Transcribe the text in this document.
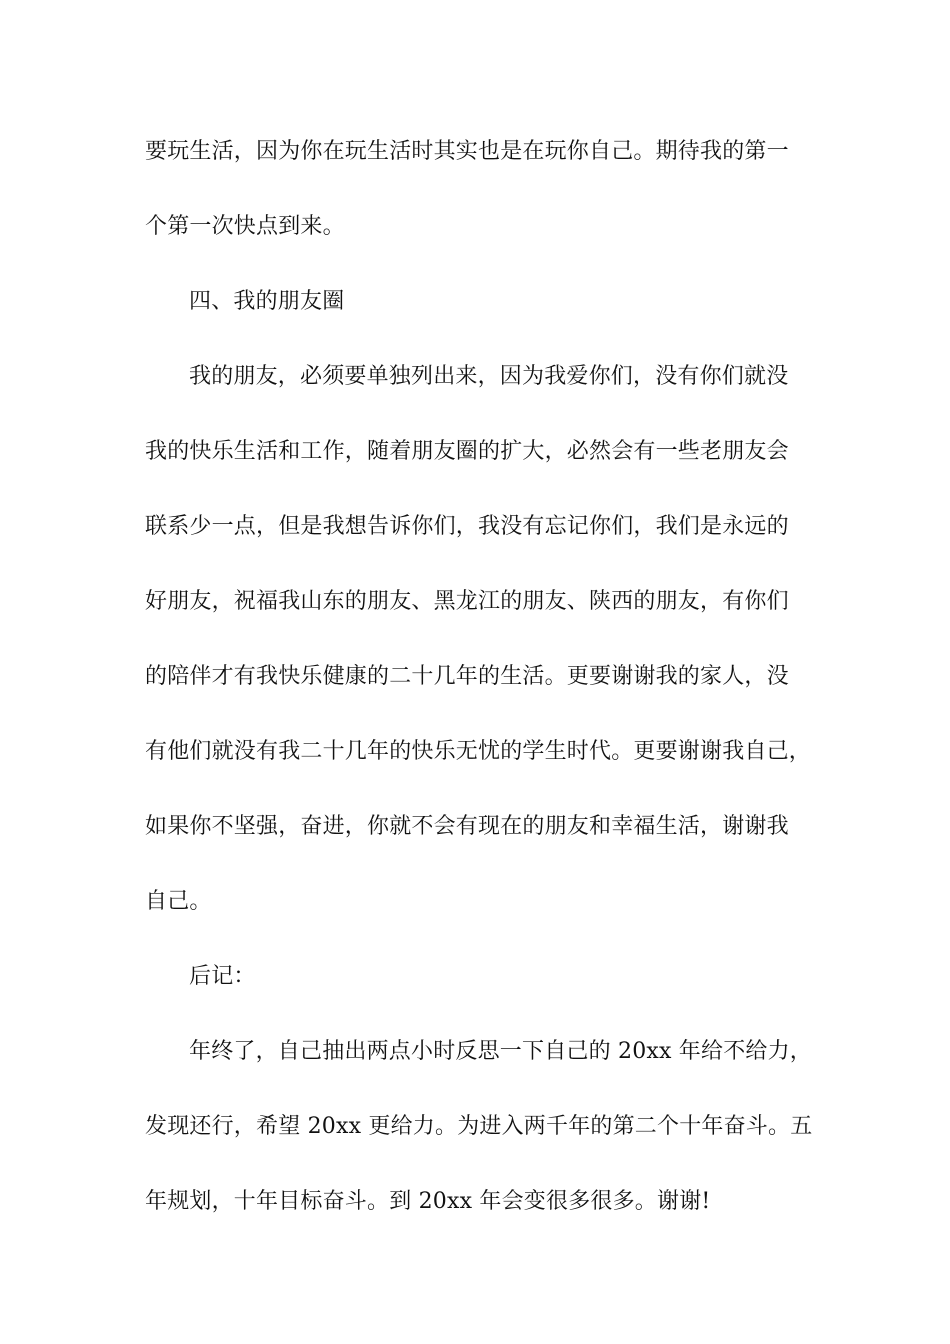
要玩生活，因为你在玩生活时其实也是在玩你自己。期待我的第一
个第一次快点到来。
四、我的朋友圈
我的朋友，必须要单独列出来，因为我爱你们，没有你们就没
我的快乐生活和工作，随着朋友圈的扩大，必然会有一些老朋友会
联系少一点，但是我想告诉你们，我没有忘记你们，我们是永远的
好朋友，祝福我山东的朋友、黑龙江的朋友、陕西的朋友，有你们
的陪伴才有我快乐健康的二十几年的生活。更要谢谢我的家人，没
有他们就没有我二十几年的快乐无忧的学生时代。更要谢谢我自己，
如果你不坚强，奋进，你就不会有现在的朋友和幸福生活，谢谢我
自己。
后记：
年终了，自己抽出两点小时反思一下自己的 20xx 年给不给力，
发现还行，希望 20xx 更给力。为进入两千年的第二个十年奋斗。五
年规划，十年目标奋斗。到 20xx 年会变很多很多。谢谢!
